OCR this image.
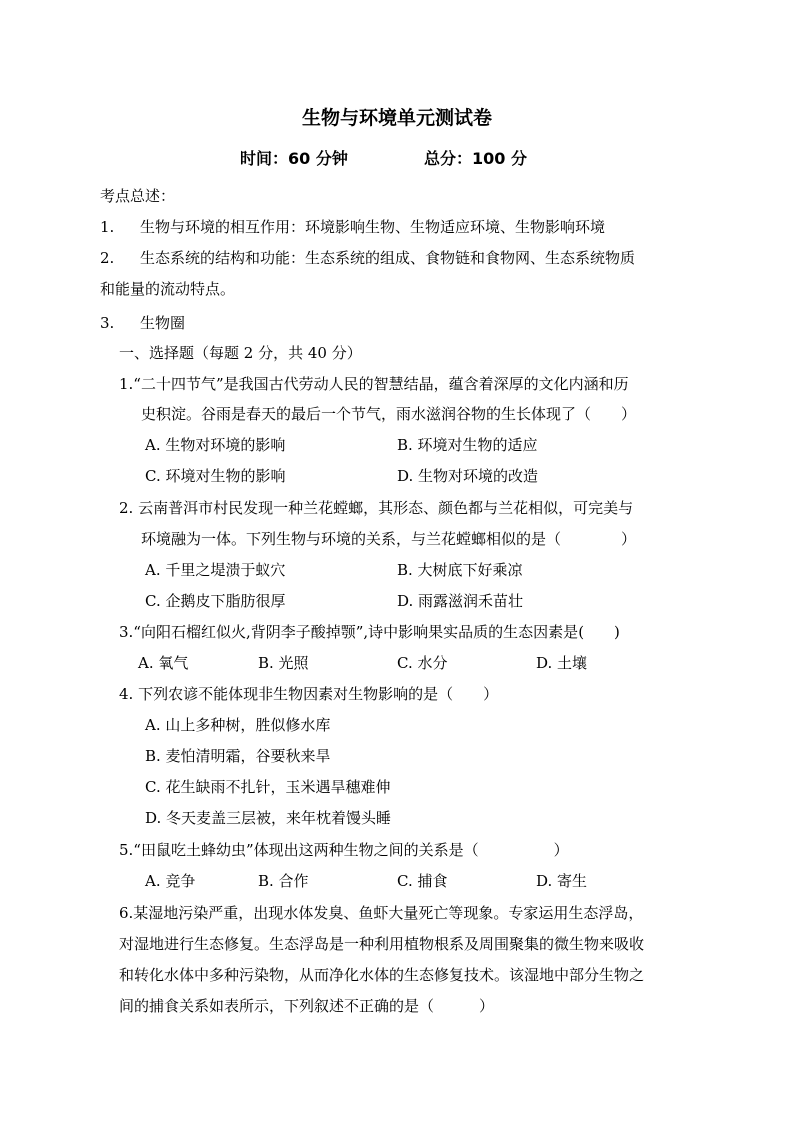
生物与环境单元测试卷
时间：60 分钟	总分：100 分
考点总述：
1. 生物与环境的相互作用：环境影响生物、生物适应环境、生物影响环境
2. 生态系统的结构和功能：生态系统的组成、食物链和食物网、生态系统物质
和能量的流动特点。
3. 生物圈
一、选择题（每题 2 分，共 40 分）
1.“二十四节气”是我国古代劳动人民的智慧结晶，蕴含着深厚的文化内涵和历
史积淀。谷雨是春天的最后一个节气，雨水滋润谷物的生长体现了（　　）
A. 生物对环境的影响	B. 环境对生物的适应
C. 环境对生物的影响	D. 生物对环境的改造
2. 云南普洱市村民发现一种兰花螳螂，其形态、颜色都与兰花相似，可完美与
环境融为一体。下列生物与环境的关系，与兰花螳螂相似的是（　　　　）
A. 千里之堤溃于蚁穴	B. 大树底下好乘凉
C. 企鹅皮下脂肪很厚	D. 雨露滋润禾苗壮
3.“向阳石榴红似火,背阴李子酸掉颚”,诗中影响果实品质的生态因素是(　　)
A. 氧气	B. 光照	C. 水分	D. 土壤
4. 下列农谚不能体现非生物因素对生物影响的是（　　）
A. 山上多种树，胜似修水库
B. 麦怕清明霜，谷要秋来旱
C. 花生缺雨不扎针，玉米遇旱穗难伸
D. 冬天麦盖三层被，来年枕着馒头睡
5.“田鼠吃土蜂幼虫”体现出这两种生物之间的关系是（　　　　　）
A. 竞争	B. 合作	C. 捕食	D. 寄生
6.某湿地污染严重，出现水体发臭、鱼虾大量死亡等现象。专家运用生态浮岛，
对湿地进行生态修复。生态浮岛是一种利用植物根系及周围聚集的微生物来吸收
和转化水体中多种污染物，从而净化水体的生态修复技术。该湿地中部分生物之
间的捕食关系如表所示，下列叙述不正确的是（　　　）
